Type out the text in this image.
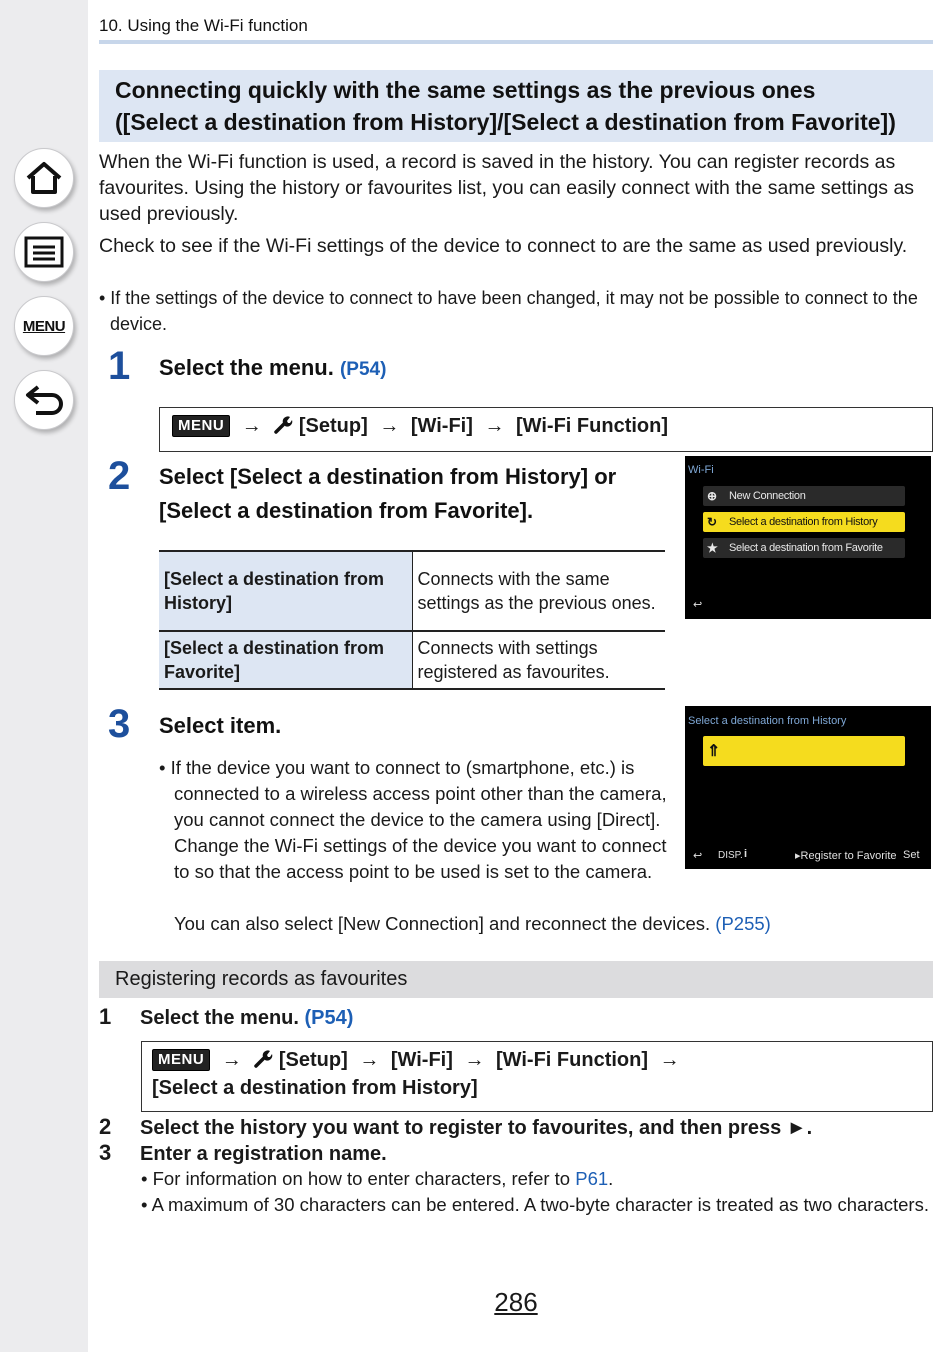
MENU
10. Using the Wi-Fi function
Connecting quickly with the same settings as the previous ones
([Select a destination from History]/[Select a destination from Favorite])
When the Wi-Fi function is used, a record is saved in the history. You can register records as favourites. Using the history or favourites list, you can easily connect with the same settings as used previously.
Check to see if the Wi-Fi settings of the device to connect to are the same as used previously.
• If the settings of the device to connect to have been changed, it may not be possible to connect to the device.
1 Select the menu. (P54)
MENU → [Setup] → [Wi-Fi] → [Wi-Fi Function]
2 Select [Select a destination from History] or
[Select a destination from Favorite].
[Select a destination from History]	Connects with the same settings as the previous ones.
[Select a destination from Favorite]	Connects with settings registered as favourites.
Wi-Fi
⊕	New Connection
↻	Select a destination from History
★	Select a destination from Favorite
↩
3 Select item.
• If the device you want to connect to (smartphone, etc.) is connected to a wireless access point other than the camera, you cannot connect the device to the camera using [Direct]. Change the Wi-Fi settings of the device you want to connect to so that the access point to be used is set to the camera.
You can also select [New Connection] and reconnect the devices. (P255)
Select a destination from History
⇑
↩ DISP. i	▸Register to Favorite Set
Registering records as favourites
1 Select the menu. (P54)
MENU → [Setup] → [Wi-Fi] → [Wi-Fi Function] →
[Select a destination from History]
2 Select the history you want to register to favourites, and then press ►.
3 Enter a registration name.
• For information on how to enter characters, refer to P61.
• A maximum of 30 characters can be entered. A two-byte character is treated as two characters.
286
